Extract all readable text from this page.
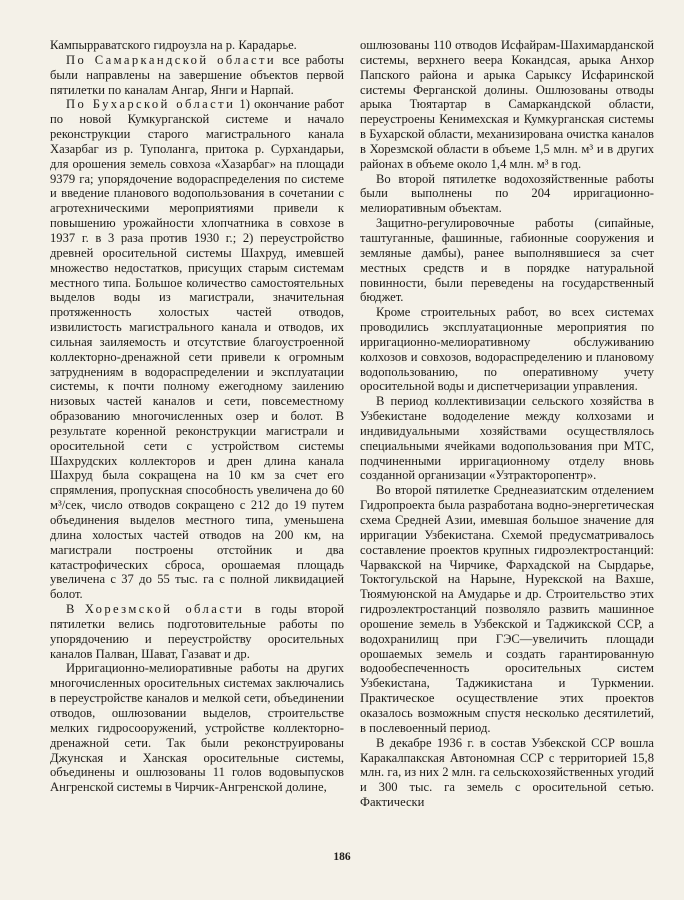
Кампырраватского гидроузла на р. Карадарье.

По Самаркандской области все работы были направлены на завершение объектов первой пятилетки по каналам Ангар, Янги и Нарпай.

По Бухарской области 1) окончание работ по новой Кумкурганской системе и начало реконструкции старого магистрального канала Хазарбаг из р. Туполанга, притока р. Сурхандарьи, для орошения земель совхоза «Хазарбаг» на площади 9379 га; упорядочение водораспределения по системе и введение планового водопользования в сочетании с агротехническими мероприятиями привели к повышению урожайности хлопчатника в совхозе в 1937 г. в 3 раза против 1930 г.; 2) переустройство древней оросительной системы Шахруд, имевшей множество недостатков, присущих старым системам местного типа. Большое количество самостоятельных выделов воды из магистрали, значительная протяженность холостых частей отводов, извилистость магистрального канала и отводов, их сильная заиляемость и отсутствие благоустроенной коллекторно-дренажной сети привели к огромным затруднениям в водораспределении и эксплуатации системы, к почти полному ежегодному заилению низовых частей каналов и сети, повсеместному образованию многочисленных озер и болот. В результате коренной реконструкции магистрали и оросительной сети с устройством системы Шахрудских коллекторов и дрен длина канала Шахруд была сокращена на 10 км за счет его спрямления, пропускная способность увеличена до 60 м³/сек, число отводов сокращено с 212 до 19 путем объединения выделов местного типа, уменьшена длина холостых частей отводов на 200 км, на магистрали построены отстойник и два катастрофических сброса, орошаемая площадь увеличена с 37 до 55 тыс. га с полной ликвидацией болот.

В Хорезмской области в годы второй пятилетки велись подготовительные работы по упорядочению и переустройству оросительных каналов Палван, Шават, Газават и др.

Ирригационно-мелиоративные работы на других многочисленных оросительных системах заключались в переустройстве каналов и мелкой сети, объединении отводов, ошлюзовании выделов, строительстве мелких гидросооружений, устройстве коллекторно-дренажной сети. Так были реконструированы Джунская и Ханская оросительные системы, объединены и ошлюзованы 11 голов водовыпусков Ангренской системы в Чирчик-Ангренской долине,

ошлюзованы 110 отводов Исфайрам-Шахимарданской системы, верхнего веера Кокандсая, арыка Анхор Папского района и арыка Сарыксу Исфаринской системы Ферганской долины. Ошлюзованы отводы арыка Тюятартар в Самаркандской области, переустроены Кенимехская и Кумкурганская системы в Бухарской области, механизирована очистка каналов в Хорезмской области в объеме 1,5 млн. м³ и в других районах в объеме около 1,4 млн. м³ в год.

Во второй пятилетке водохозяйственные работы были выполнены по 204 ирригационно-мелиоративным объектам.

Защитно-регулировочные работы (сипайные, таштуганные, фашинные, габионные сооружения и земляные дамбы), ранее выполнявшиеся за счет местных средств и в порядке натуральной повинности, были переведены на государственный бюджет.

Кроме строительных работ, во всех системах проводились эксплуатационные мероприятия по ирригационно-мелиоративному обслуживанию колхозов и совхозов, водораспределению и плановому водопользованию, по оперативному учету оросительной воды и диспетчеризации управления.

В период коллективизации сельского хозяйства в Узбекистане вододеление между колхозами и индивидуальными хозяйствами осуществлялось специальными ячейками водопользования при МТС, подчиненными ирригационному отделу вновь созданной организации «Узтракторопентр».

Во второй пятилетке Среднеазиатским отделением Гидропроекта была разработана водно-энергетическая схема Средней Азии, имевшая большое значение для ирригации Узбекистана. Схемой предусматривалось составление проектов крупных гидроэлектростанций: Чарвакской на Чирчике, Фархадской на Сырдарье, Токтогульской на Нарыне, Нурекской на Вахше, Тюямуюнской на Амударье и др. Строительство этих гидроэлектростанций позволяло развить машинное орошение земель в Узбекской и Таджикской ССР, а водохранилищ при ГЭС—увеличить площади орошаемых земель и создать гарантированную водообеспеченность оросительных систем Узбекистана, Таджикистана и Туркмении. Практическое осуществление этих проектов оказалось возможным спустя несколько десятилетий, в послевоенный период.

В декабре 1936 г. в состав Узбекской ССР вошла Каракалпакская Автономная ССР с территорией 15,8 млн. га, из них 2 млн. га сельскохозяйственных угодий и 300 тыс. га земель с оросительной сетью. Фактически

186
